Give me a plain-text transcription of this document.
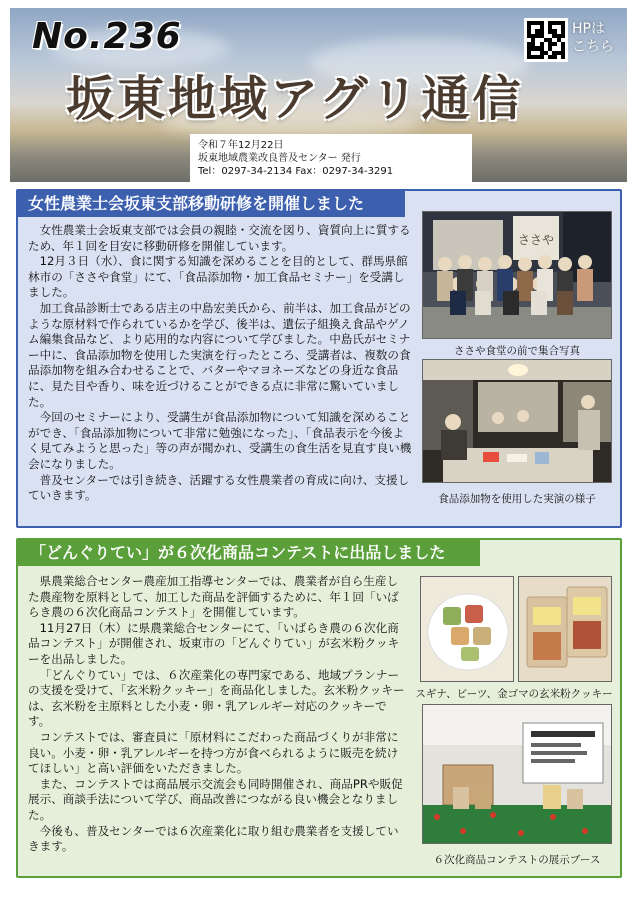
No.236
坂東地域アグリ通信
HPは
こちら
令和７年12月22日
坂東地域農業改良普及センター 発行
Tel：0297-34-2134 Fax：0297-34-3291
女性農業士会坂東支部移動研修を開催しました

女性農業士会坂東支部では会員の親睦・交流を図り、資質向上に質するため、年１回を目安に移動研修を開催しています。

12月３日（水）、食に関する知識を深めることを目的として、群馬県館林市の「ささや食堂」にて、「食品添加物・加工食品セミナー」を受講しました。

加工食品診断士である店主の中島宏美氏から、前半は、加工食品がどのような原材料で作られているかを学び、後半は、遺伝子組換え食品やゲノム編集食品など、より応用的な内容について学びました。中島氏がセミナー中に、食品添加物を使用した実演を行ったところ、受講者は、複数の食品添加物を組み合わせることで、バターやマヨネーズなどの身近な食品に、見た目や香り、味を近づけることができる点に非常に驚いていました。

今回のセミナーにより、受講生が食品添加物について知識を深めることができ、「食品添加物について非常に勉強になった」、「食品表示を今後よく見てみようと思った」等の声が聞かれ、受講生の食生活を見直す良い機会になりました。

普及センターでは引き続き、活躍する女性農業者の育成に向け、支援していきます。

ささや
ささや食堂の前で集合写真
食品添加物を使用した実演の様子
「どんぐりてい」が６次化商品コンテストに出品しました

県農業総合センター農産加工指導センターでは、農業者が自ら生産した農産物を原料として、加工した商品を評価するために、年１回「いばらき農の６次化商品コンテスト」を開催しています。

11月27日（木）に県農業総合センターにて、「いばらき農の６次化商品コンテスト」が開催され、坂東市の「どんぐりてい」が玄米粉クッキーを出品しました。

「どんぐりてい」では、６次産業化の専門家である、地域プランナーの支援を受けて、「玄米粉クッキー」を商品化しました。玄米粉クッキーは、玄米粉を主原料とした小麦・卵・乳アレルギー対応のクッキーです。

コンテストでは、審査員に「原材料にこだわった商品づくりが非常に良い。小麦・卵・乳アレルギーを持つ方が食べられるように販売を続けてほしい」と高い評価をいただきました。

また、コンテストでは商品展示交流会も同時開催され、商品PRや販促展示、商談手法について学び、商品改善につながる良い機会となりました。

今後も、普及センターでは６次産業化に取り組む農業者を支援していきます。

スギナ、ビーツ、金ゴマの玄米粉クッキー
６次化商品コンテストの展示ブース
